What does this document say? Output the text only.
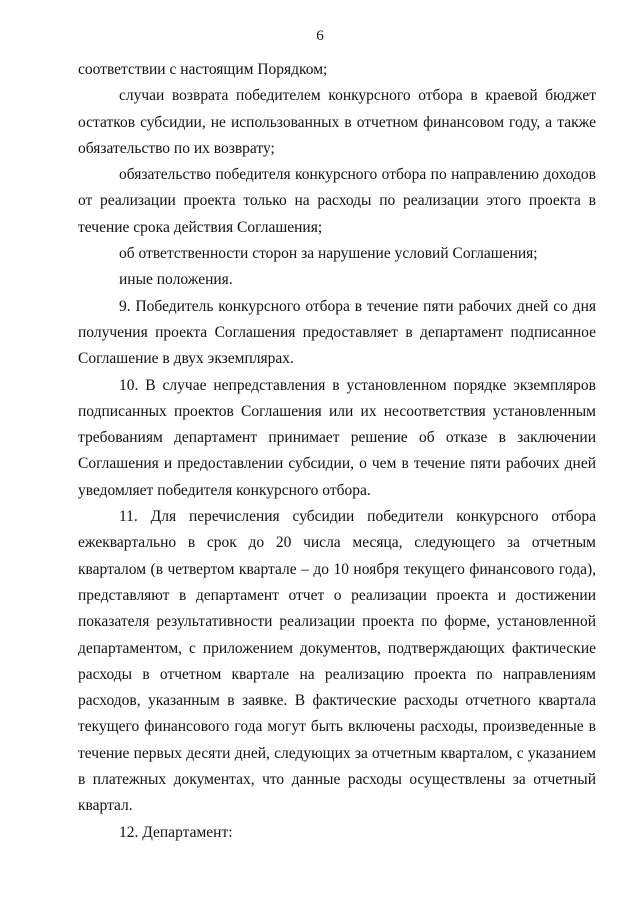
6

соответствии с настоящим Порядком;

случаи возврата победителем конкурсного отбора в краевой бюджет остатков субсидии, не использованных в отчетном финансовом году, а также обязательство по их возврату;

обязательство победителя конкурсного отбора по направлению доходов от реализации проекта только на расходы по реализации этого проекта в течение срока действия Соглашения;

об ответственности сторон за нарушение условий Соглашения;

иные положения.

9. Победитель конкурсного отбора в течение пяти рабочих дней со дня получения проекта Соглашения предоставляет в департамент подписанное Соглашение в двух экземплярах.

10. В случае непредставления в установленном порядке экземпляров подписанных проектов Соглашения или их несоответствия установленным требованиям департамент принимает решение об отказе в заключении Соглашения и предоставлении субсидии, о чем в течение пяти рабочих дней уведомляет победителя конкурсного отбора.

11. Для перечисления субсидии победители конкурсного отбора ежеквартально в срок до 20 числа месяца, следующего за отчетным кварталом (в четвертом квартале – до 10 ноября текущего финансового года), представляют в департамент отчет о реализации проекта и достижении показателя результативности реализации проекта по форме, установленной департаментом, с приложением документов, подтверждающих фактические расходы в отчетном квартале на реализацию проекта по направлениям расходов, указанным в заявке. В фактические расходы отчетного квартала текущего финансового года могут быть включены расходы, произведенные в течение первых десяти дней, следующих за отчетным кварталом, с указанием в платежных документах, что данные расходы осуществлены за отчетный квартал.

12. Департамент:
